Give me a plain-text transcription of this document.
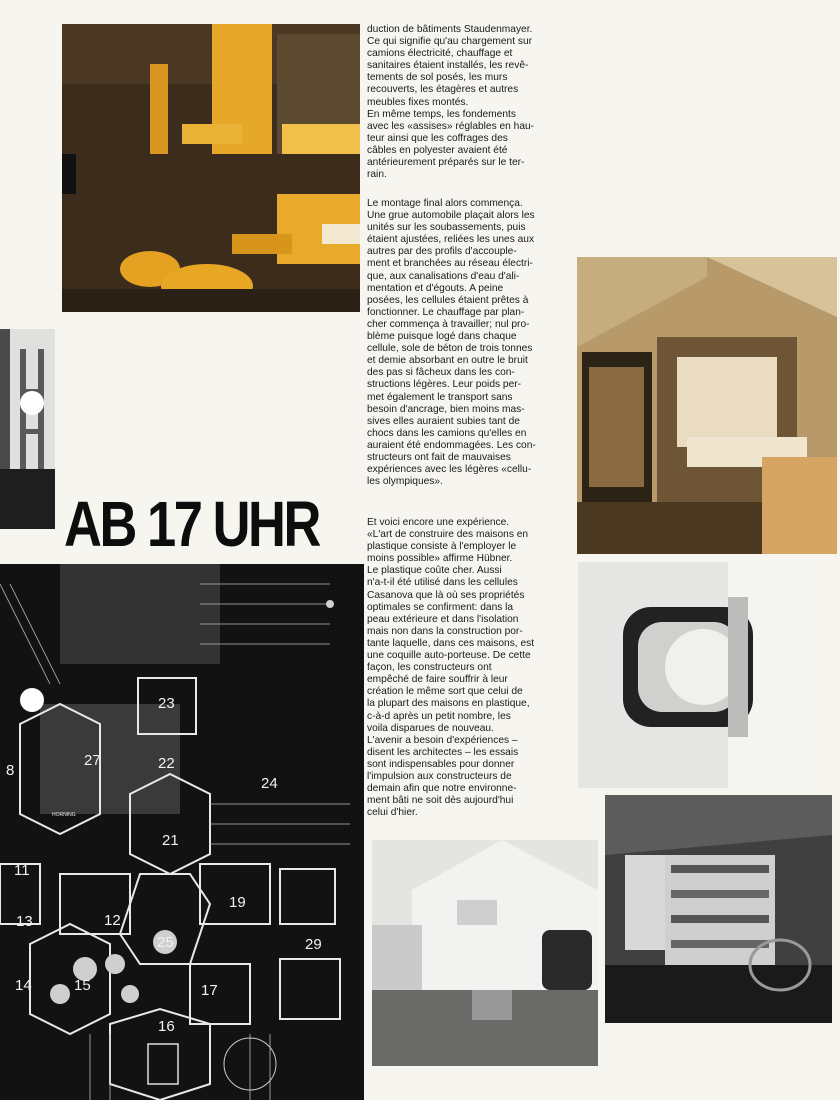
AB 17 UHR
23
27	22
8
24
21
11
19	2o
13	12
25	29
14	15	17	18
16
HORNING

duction de bâtiments Staudenmayer.
Ce qui signifie qu'au chargement sur
camions électricité, chauffage et
sanitaires étaient installés, les revê-
tements de sol posés, les murs
recouverts, les étagères et autres
meubles fixes montés.
En même temps, les fondements
avec les «assises» réglables en hau-
teur ainsi que les coffrages des
câbles en polyester avaient été
antérieurement préparés sur le ter-
rain.

Le montage final alors commença.
Une grue automobile plaçait alors les
unités sur les soubassements, puis
étaient ajustées, reliées les unes aux
autres par des profils d'accouple-
ment et branchées au réseau électri-
que, aux canalisations d'eau d'ali-
mentation et d'égouts. A peine
posées, les cellules étaient prêtes à
fonctionner. Le chauffage par plan-
cher commença à travailler; nul pro-
blème puisque logé dans chaque
cellule, sole de béton de trois tonnes
et demie absorbant en outre le bruit
des pas si fâcheux dans les con-
structions légères. Leur poids per-
met également le transport sans
besoin d'ancrage, bien moins mas-
sives elles auraient subies tant de
chocs dans les camions qu'elles en
auraient été endommagées. Les con-
structeurs ont fait de mauvaises
expériences avec les légères «cellu-
les olympiques».

Et voici encore une expérience.
«L'art de construire des maisons en
plastique consiste à l'employer le
moins possible» affirme Hübner.
Le plastique coûte cher. Aussi
n'a-t-il été utilisé dans les cellules
Casanova que là où ses propriétés
optimales se confirment: dans la
peau extérieure et dans l'isolation
mais non dans la construction por-
tante laquelle, dans ces maisons, est
une coquille auto-porteuse. De cette
façon, les constructeurs ont
empêché de faire souffrir à leur
création le même sort que celui de
la plupart des maisons en plastique,
c-à-d après un petit nombre, les
voila disparues de nouveau.
L'avenir a besoin d'expériences –
disent les architectes – les essais
sont indispensables pour donner
l'impulsion aux constructeurs de
demain afin que notre environne-
ment bâti ne soit dès aujourd'hui
celui d'hier.
